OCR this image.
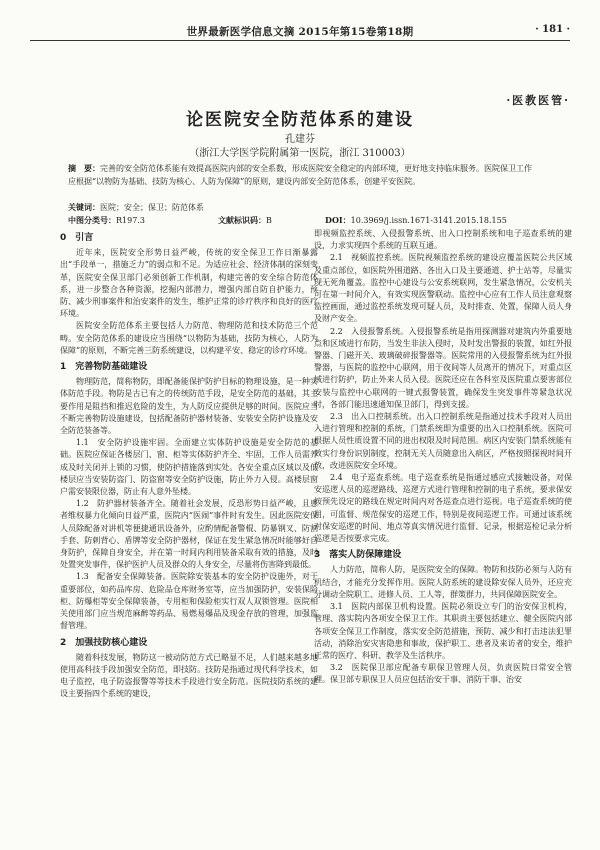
世界最新医学信息文摘 2015年第15卷第18期	· 181 ·
·医教医管·
论医院安全防范体系的建设
孔建芬
（浙江大学医学院附属第一医院，浙江 310003）
摘　要：完善的安全防范体系能有效提高医院内部的安全系数，形成医院安全稳定的内部环境，更好地支持临床服务。医院保卫工作应根据“以物防为基础、技防为核心、人防为保障”的原则，建设内部安全防范体系，创建平安医院。
关键词：医院；安全；保卫；防范体系
中图分类号：R197.3	文献标识码：B	DOI：10.3969/j.issn.1671-3141.2015.18.155
0　引言

近年来，医院安全形势日益严峻，传统的安全保卫工作日渐暴露出“手段单一，措施乏力”的弱点和不足。为适应社会、经济体制的深刻变革，医院安全保卫部门必须创新工作机制，构建完善的安全综合防范体系，进一步整合各种资源，挖掘内部潜力，增强内部自防自护能力，预防、减少刑事案件和治安案件的发生，维护正常的诊疗秩序和良好的医疗环境。

医院安全防范体系主要包括人力防范、物理防范和技术防范三个范畴。安全防范体系的建设应当围绕“以物防为基础，技防为核心，人防为保障”的原则，不断完善三防系统建设，以构建平安、稳定的诊疗环境。

1　完善物防基础建设

物理防范，简称物防，即配备能保护防护目标的物理设施，是一种实体防范手段。物防是古已有之的传统防范手段，是安全防范的基础，其主要作用是阻挡和推迟危险的发生，为人防反应提供足够的时间。医院应当不断完善物防设施建设，包括配备防护器材装备、安装安全防护设施及安全防范装备等。

1.1　 安全防护设施牢固。全面建立实体防护设施是安全防范的基础。医院应保证各楼层门、窗、柜等实体防护齐全、牢固，工作人员需养成及时关闭并上锁的习惯，使防护措施落到实处。各安全重点区域以及低楼层应当安装防盗门、防盗窗等安全防护设施，防止外力入侵。高楼层窗户需安装限位器，防止有人意外坠楼。

1.2　 防护器材装备齐全。随着社会发展，反恐形势日益严峻，且患者维权暴力化倾向日益严重，医院内“医闹”事件时有发生。因此医院安保人员除配备对讲机等便捷通讯设备外，应酌情配备警棍、防暴钢叉、防割手套、防刺背心、盾牌等安全防护器材，保证在发生紧急情况时能够好自身防护，保障自身安全，并在第一时间内利用装备采取有效的措施，及时处置突发事件，保护医护人员及群众的人身安全，尽量将伤害降到最低。

1.3　 配备安全保障装备。医院除安装基本的安全防护设施外，对于重要部位，如药品库房、危险品仓库财务室等，应当加强防护，安装保险柜、防爆柜等安全保障装备，专用柜和保险柜实行双人双锁管理。医院相关使用部门应当规范麻醉等药品、易燃易爆品及现金存放的管理，加强监督管理。

2　加强技防核心建设

随着科技发展，物防这一被动防范方式已略显不足，人们越来越多地使用高科技手段加强安全防范，即技防。技防是指通过现代科学技术，如电子监控，电子防盗报警等等技术手段进行安全防范。医院技防系统的建设主要指四个系统的建设，

即视频监控系统、入侵报警系统、出入口控制系统和电子巡查系统的建设，力求实现四个系统的互联互通。

2.1　 视频监控系统。医院视频监控系统的建设应覆盖医院公共区域及重点部位，如医院外围道路、各出入口及主要通道、护士站等，尽量实现无死角覆盖。监控中心建设与公安系统联网，发生紧急情况，公安机关可在第一时间介入，有效实现医警联动。监控中心应有工作人员注意观察监控画面，通过监控系统发现可疑人员，及时排查、处置，保障人员人身及财产安全。

2.2　 入侵报警系统。入侵报警系统是指用探测器对建筑内外重要地点和区域进行布防，当发生非法入侵时，及时发出警报的装置，如红外报警器、门磁开关、玻璃破碎报警器等。医院常用的入侵报警系统为红外报警器，与医院的监控中心联网，用于夜间等人员离开的情况下，对重点区域进行防护，防止外来人员入侵。医院还应在各科室及医院重点要害部位安装与监控中心联网的一键式报警装置，确保发生突发事件等紧急状况时，各部门能迅速通知保卫部门，得到支援。

2.3　 出入口控制系统。出入口控制系统是指通过技术手段对人员出入进行管理和控制的系统，门禁系统即为重要的出入口控制系统。医院可根据人员性质设置不同的进出权限及时间范围。病区内安装门禁系统能有效实行身份识别制度，控制无关人员随意出入病区，严格按照探视时间开放，改进医院安全环境。

2.4　 电子巡查系统。电子巡查系统是指通过感应式接触设备，对保安巡逻人员的巡逻路线、巡逻方式进行管理和控制的电子系统，要求保安按预先设定的路线在规定时间内对各巡查点进行巡视。电子巡查系统的使用，可监督、规范保安的巡逻工作，特别是夜间巡逻工作。可通过该系统对保安巡逻的时间、地点等真实情况进行监督、记录，根据巡检记录分析巡逻是否按要求完成。

3　落实人防保障建设

人力防范，简称人防，是医院安全的保障。物防和技防必须与人防有机结合，才能充分发挥作用。医院人防系统的建设除安保人员外，还应充分调动全院职工、进修人员、工人等，群策群力，共同保障医院安全。

3.1　 医院内部保卫机构设置。医院必须设立专门的治安保卫机构，管理、落实院内各项安全保卫工作。其职责主要包括建立、健全医院内部各项安全保卫工作制度，落实安全防范措施，预防、减少和打击违法犯罪活动，消除治安灾害隐患和事故，保护职工、患者及来访者的安全，维护正常的医疗、科研、教学及生活秩序。

3.2　 医院保卫部应配备专职保卫管理人员，负责医院日常安全管理。保卫部专职保卫人员应包括治安干事、消防干事、治安
